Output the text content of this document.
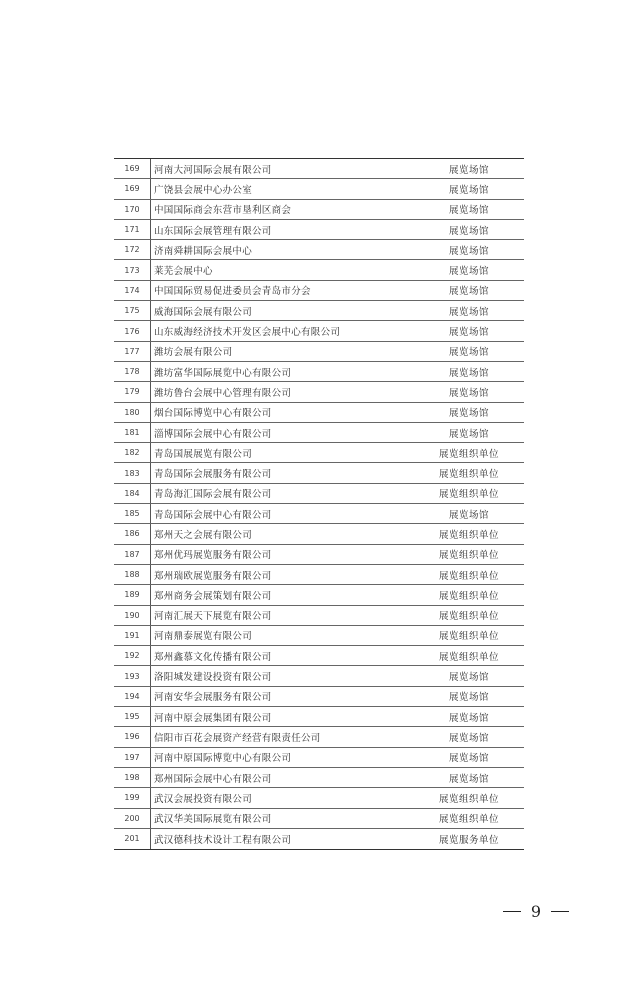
169	河南大河国际会展有限公司	展览场馆
169	广饶县会展中心办公室	展览场馆
170	中国国际商会东营市垦利区商会	展览场馆
171	山东国际会展管理有限公司	展览场馆
172	济南舜耕国际会展中心	展览场馆
173	莱芜会展中心	展览场馆
174	中国国际贸易促进委员会青岛市分会	展览场馆
175	威海国际会展有限公司	展览场馆
176	山东威海经济技术开发区会展中心有限公司	展览场馆
177	潍坊会展有限公司	展览场馆
178	潍坊富华国际展览中心有限公司	展览场馆
179	潍坊鲁台会展中心管理有限公司	展览场馆
180	烟台国际博览中心有限公司	展览场馆
181	淄博国际会展中心有限公司	展览场馆
182	青岛国展展览有限公司	展览组织单位
183	青岛国际会展服务有限公司	展览组织单位
184	青岛海汇国际会展有限公司	展览组织单位
185	青岛国际会展中心有限公司	展览场馆
186	郑州天之会展有限公司	展览组织单位
187	郑州优玛展览服务有限公司	展览组织单位
188	郑州瑞欧展览服务有限公司	展览组织单位
189	郑州商务会展策划有限公司	展览组织单位
190	河南汇展天下展览有限公司	展览组织单位
191	河南鼎泰展览有限公司	展览组织单位
192	郑州鑫慕文化传播有限公司	展览组织单位
193	洛阳城发建设投资有限公司	展览场馆
194	河南安华会展服务有限公司	展览场馆
195	河南中原会展集团有限公司	展览场馆
196	信阳市百花会展资产经营有限责任公司	展览场馆
197	河南中原国际博览中心有限公司	展览场馆
198	郑州国际会展中心有限公司	展览场馆
199	武汉会展投资有限公司	展览组织单位
200	武汉华美国际展览有限公司	展览组织单位
201	武汉德科技术设计工程有限公司	展览服务单位
9
